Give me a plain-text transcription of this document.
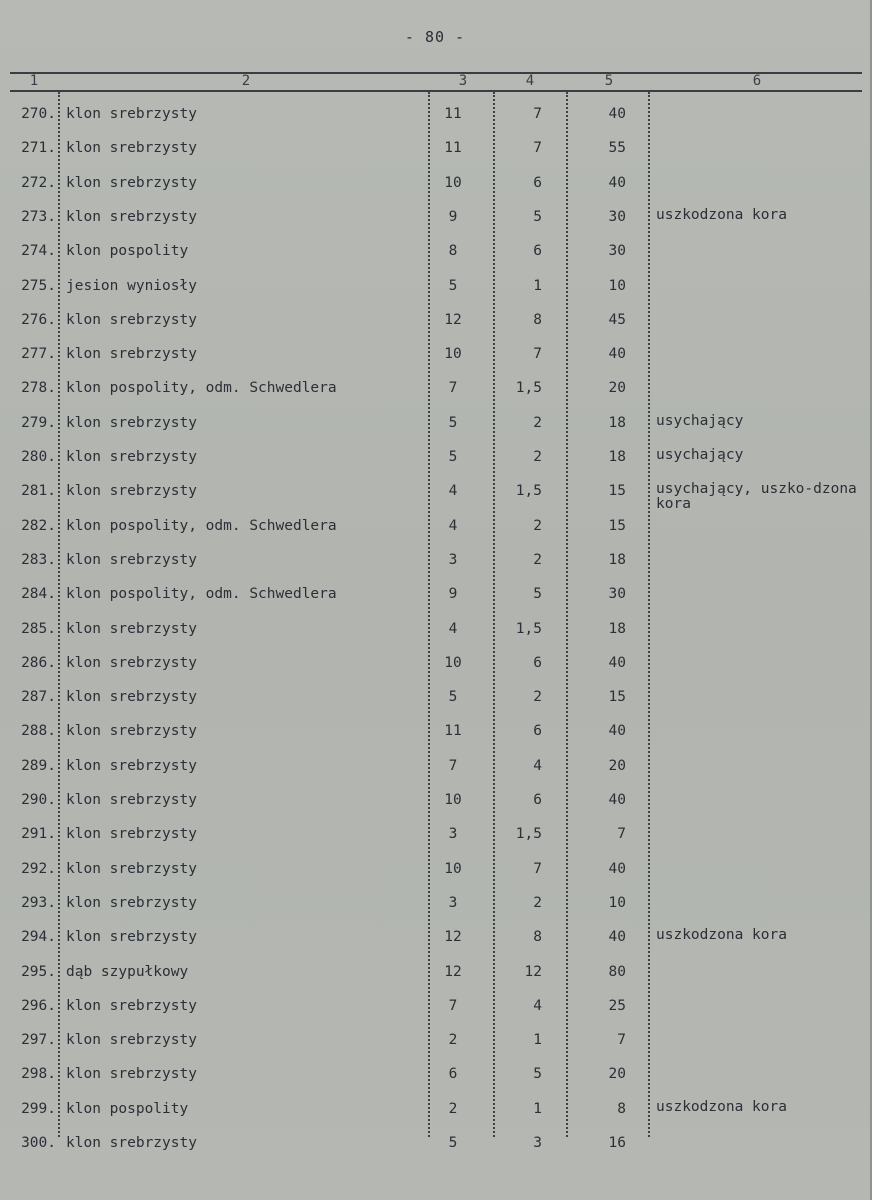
- 80 -
1	2	3	4	5	6
270. klon srebrzysty	11	7	40
271. klon srebrzysty	11	7	55
272. klon srebrzysty	10	6	40
273. klon srebrzysty	9	5	30 uszkodzona kora
274. klon pospolity	8	6	30
275. jesion wyniosły	5	1	10
276. klon srebrzysty	12	8	45
277. klon srebrzysty	10	7	40
278. klon pospolity, odm. Schwedlera	7	1,5	20
279. klon srebrzysty	5	2	18 usychający
280. klon srebrzysty	5	2	18 usychający
281. klon srebrzysty	4	1,5	15 usychający, uszko-dzona kora
282. klon pospolity, odm. Schwedlera	4	2	15
283. klon srebrzysty	3	2	18
284. klon pospolity, odm. Schwedlera	9	5	30
285. klon srebrzysty	4	1,5	18
286. klon srebrzysty	10	6	40
287. klon srebrzysty	5	2	15
288. klon srebrzysty	11	6	40
289. klon srebrzysty	7	4	20
290. klon srebrzysty	10	6	40
291. klon srebrzysty	3	1,5	7
292. klon srebrzysty	10	7	40
293. klon srebrzysty	3	2	10
294. klon srebrzysty	12	8	40 uszkodzona kora
295. dąb szypułkowy	12	12	80
296. klon srebrzysty	7	4	25
297. klon srebrzysty	2	1	7
298. klon srebrzysty	6	5	20
299. klon pospolity	2	1	8 uszkodzona kora
300. klon srebrzysty	5	3	16
